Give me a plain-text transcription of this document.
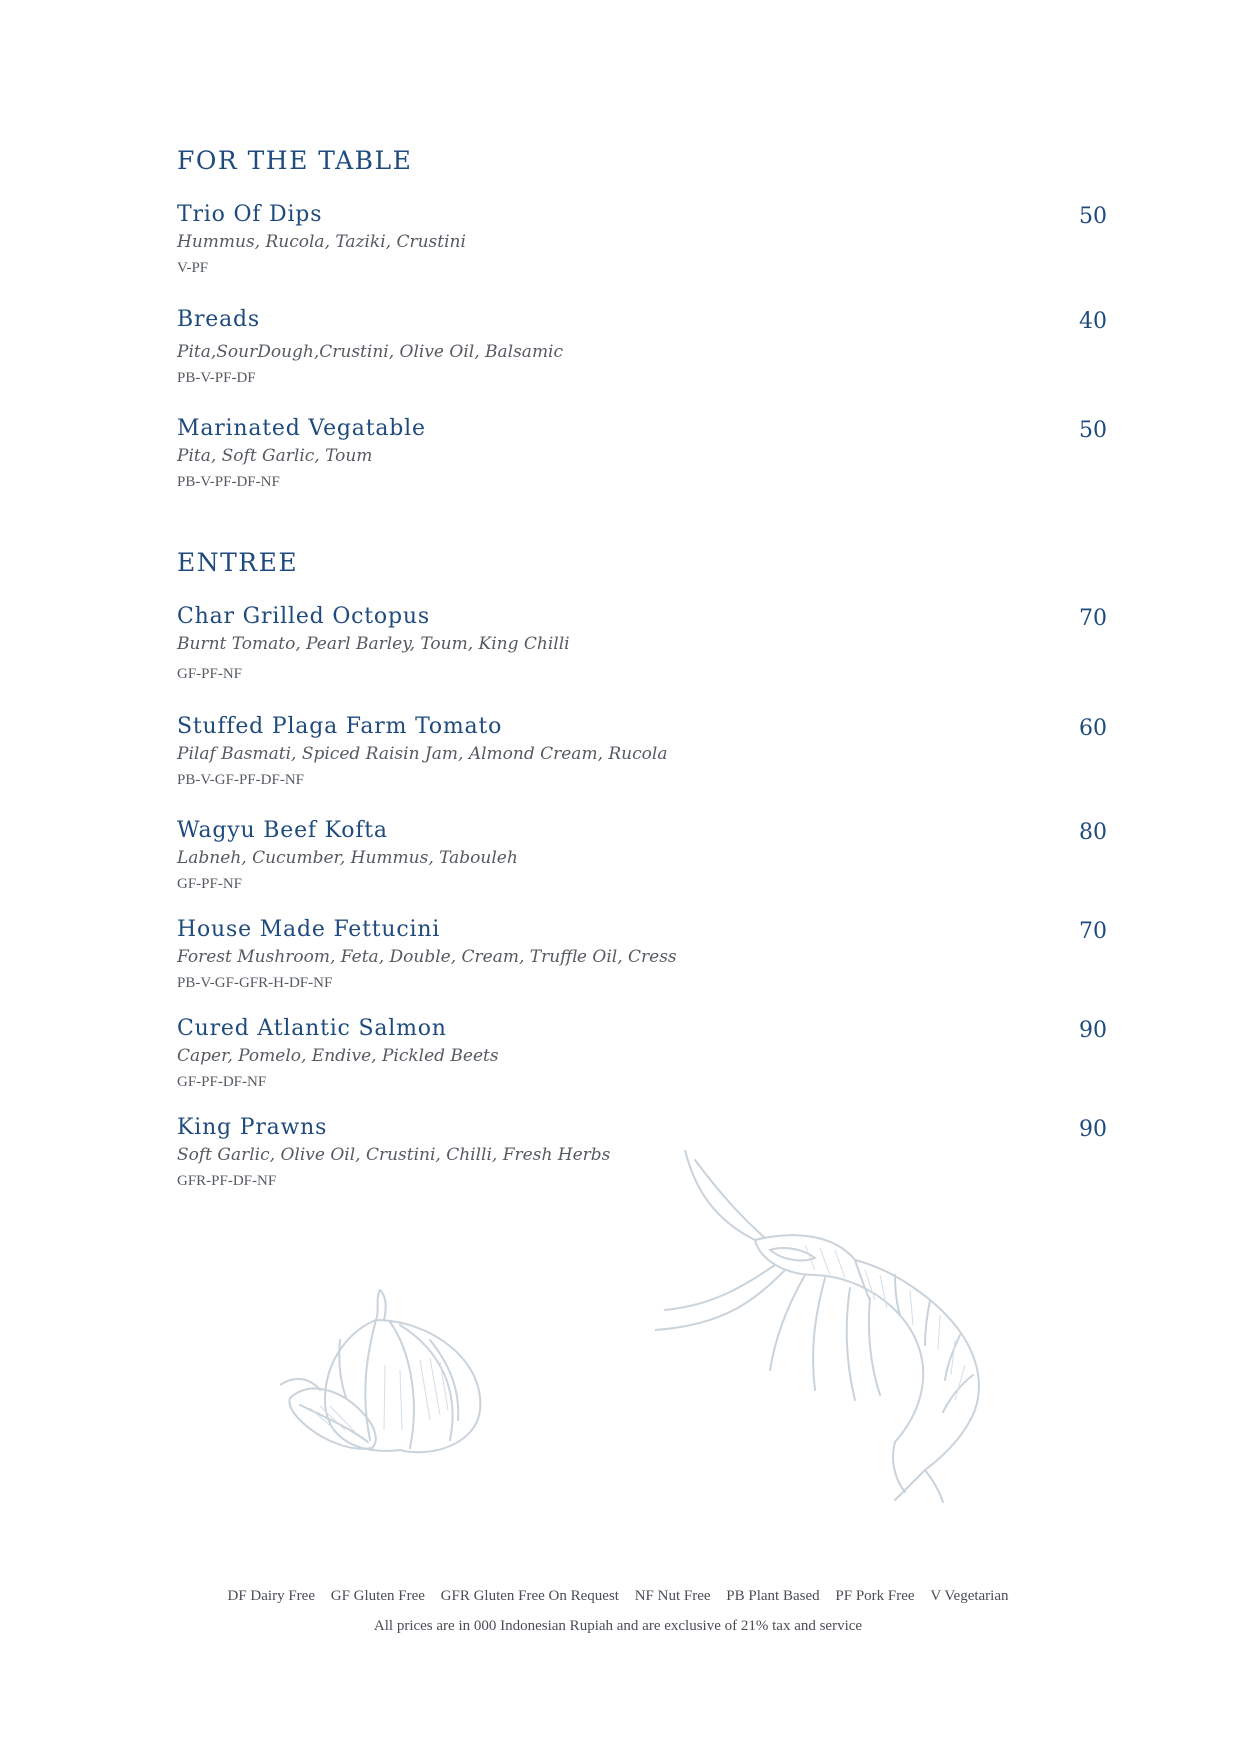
FOR THE TABLE
Trio Of Dips	50
Hummus, Rucola, Taziki, Crustini
V-PF
Breads	40
Pita,SourDough,Crustini, Olive Oil, Balsamic
PB-V-PF-DF
Marinated Vegatable	50
Pita, Soft Garlic, Toum
PB-V-PF-DF-NF
ENTREE
Char Grilled Octopus	70
Burnt Tomato, Pearl Barley, Toum, King Chilli
GF-PF-NF
Stuffed Plaga Farm Tomato	60
Pilaf Basmati, Spiced Raisin Jam, Almond Cream, Rucola
PB-V-GF-PF-DF-NF
Wagyu Beef Kofta	80
Labneh, Cucumber, Hummus, Tabouleh
GF-PF-NF
House Made Fettucini	70
Forest Mushroom, Feta, Double, Cream, Truffle Oil, Cress
PB-V-GF-GFR-H-DF-NF
Cured Atlantic Salmon	90
Caper, Pomelo, Endive, Pickled Beets
GF-PF-DF-NF
King Prawns	90
Soft Garlic, Olive Oil, Crustini, Chilli, Fresh Herbs
GFR-PF-DF-NF
DF Dairy Free GF Gluten Free GFR Gluten Free On Request NF Nut Free PB Plant Based PF Pork Free V Vegetarian
All prices are in 000 Indonesian Rupiah and are exclusive of 21% tax and service
